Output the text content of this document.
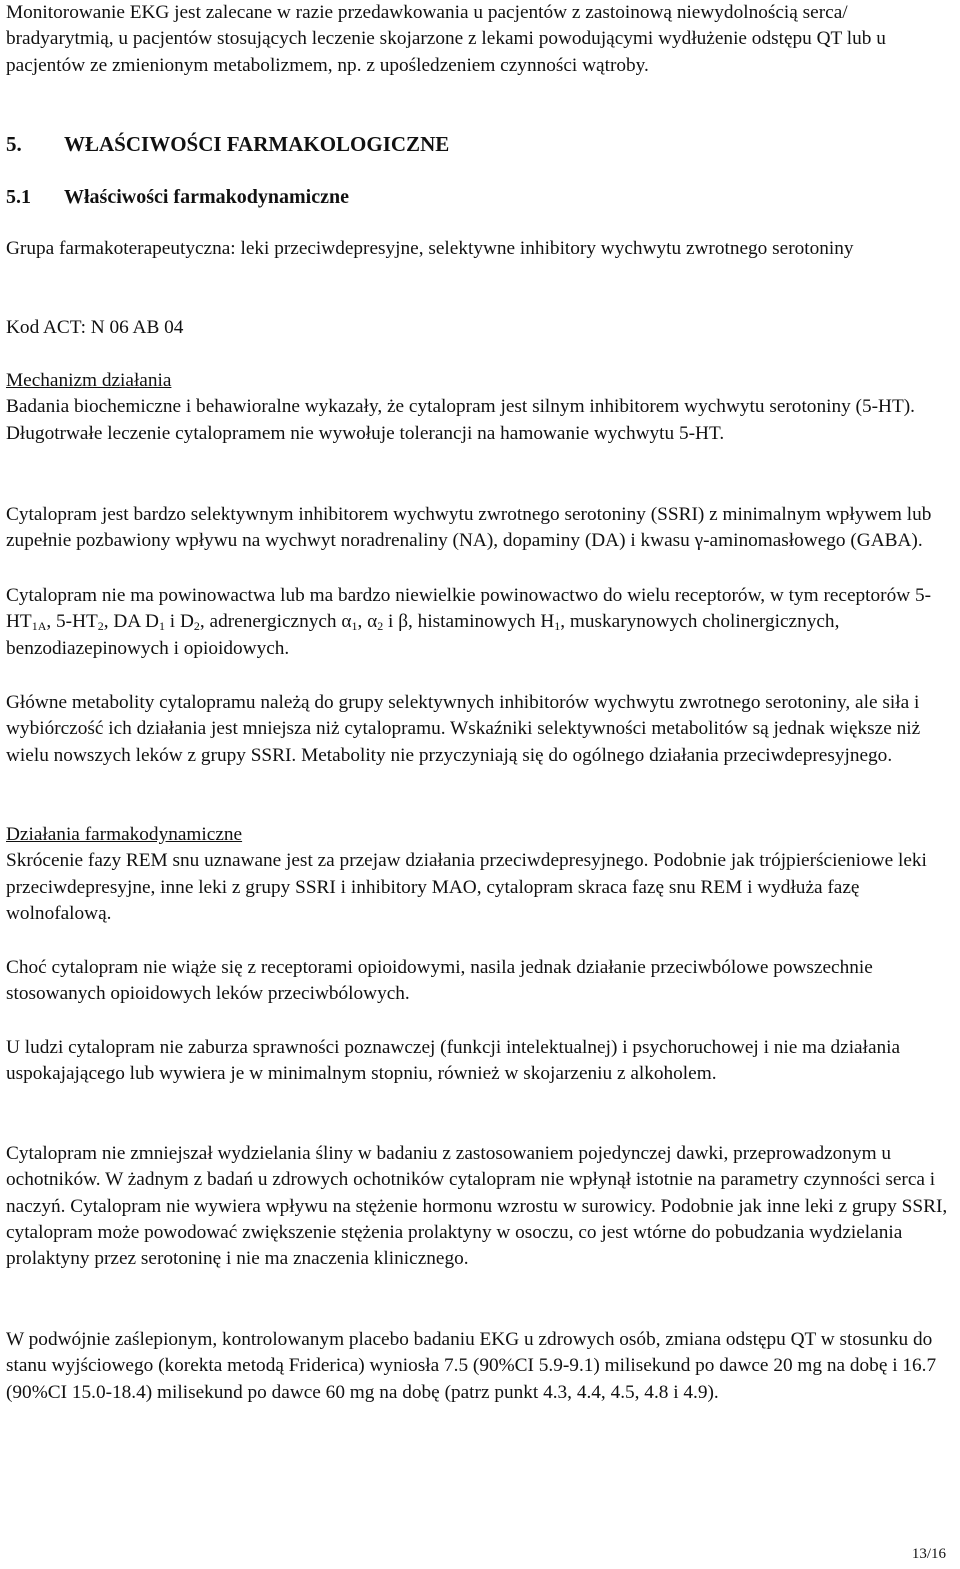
Monitorowanie EKG jest zalecane w razie przedawkowania u pacjentów z zastoinową niewydolnością serca/ bradyarytmią, u pacjentów stosujących leczenie skojarzone z lekami powodującymi wydłużenie odstępu QT lub u pacjentów ze zmienionym metabolizmem, np. z upośledzeniem czynności wątroby.

5. WŁAŚCIWOŚCI FARMAKOLOGICZNE
5.1 Właściwości farmakodynamiczne

Grupa farmakoterapeutyczna: leki przeciwdepresyjne, selektywne inhibitory wychwytu zwrotnego serotoniny

Kod ACT: N 06 AB 04

Mechanizm działania

Badania biochemiczne i behawioralne wykazały, że cytalopram jest silnym inhibitorem wychwytu serotoniny (5-HT). Długotrwałe leczenie cytalopramem nie wywołuje tolerancji na hamowanie wychwytu 5-HT.

Cytalopram jest bardzo selektywnym inhibitorem wychwytu zwrotnego serotoniny (SSRI) z minimalnym wpływem lub zupełnie pozbawiony wpływu na wychwyt noradrenaliny (NA), dopaminy (DA) i kwasu γ-aminomasłowego (GABA).

Cytalopram nie ma powinowactwa lub ma bardzo niewielkie powinowactwo do wielu receptorów, w tym receptorów $5-HT_{1A}$, $5-HT_2$, DA $D_1$ i $D_2$, adrenergicznych $\alpha_1$, $\alpha_2$ i β, histaminowych $H_1$, muskarynowych cholinergicznych, benzodiazepinowych i opioidowych.

Główne metabolity cytalopramu należą do grupy selektywnych inhibitorów wychwytu zwrotnego serotoniny, ale siła i wybiórczość ich działania jest mniejsza niż cytalopramu. Wskaźniki selektywności metabolitów są jednak większe niż wielu nowszych leków z grupy SSRI. Metabolity nie przyczyniają się do ogólnego działania przeciwdepresyjnego.

Działania farmakodynamiczne

Skrócenie fazy REM snu uznawane jest za przejaw działania przeciwdepresyjnego. Podobnie jak trójpierścieniowe leki przeciwdepresyjne, inne leki z grupy SSRI i inhibitory MAO, cytalopram skraca fazę snu REM i wydłuża fazę wolnofalową.

Choć cytalopram nie wiąże się z receptorami opioidowymi, nasila jednak działanie przeciwbólowe powszechnie stosowanych opioidowych leków przeciwbólowych.

U ludzi cytalopram nie zaburza sprawności poznawczej (funkcji intelektualnej) i psychoruchowej i nie ma działania uspokajającego lub wywiera je w minimalnym stopniu, również w skojarzeniu z alkoholem.

Cytalopram nie zmniejszał wydzielania śliny w badaniu z zastosowaniem pojedynczej dawki, przeprowadzonym u ochotników. W żadnym z badań u zdrowych ochotników cytalopram nie wpłynął istotnie na parametry czynności serca i naczyń. Cytalopram nie wywiera wpływu na stężenie hormonu wzrostu w surowicy. Podobnie jak inne leki z grupy SSRI, cytalopram może powodować zwiększenie stężenia prolaktyny w osoczu, co jest wtórne do pobudzania wydzielania prolaktyny przez serotoninę i nie ma znaczenia klinicznego.

W podwójnie zaślepionym, kontrolowanym placebo badaniu EKG u zdrowych osób, zmiana odstępu QT w stosunku do stanu wyjściowego (korekta metodą Friderica) wyniosła 7.5 (90%CI 5.9-9.1) milisekund po dawce 20 mg na dobę i 16.7 (90%CI 15.0-18.4) milisekund po dawce 60 mg na dobę (patrz punkt 4.3, 4.4, 4.5, 4.8 i 4.9).

13/16
